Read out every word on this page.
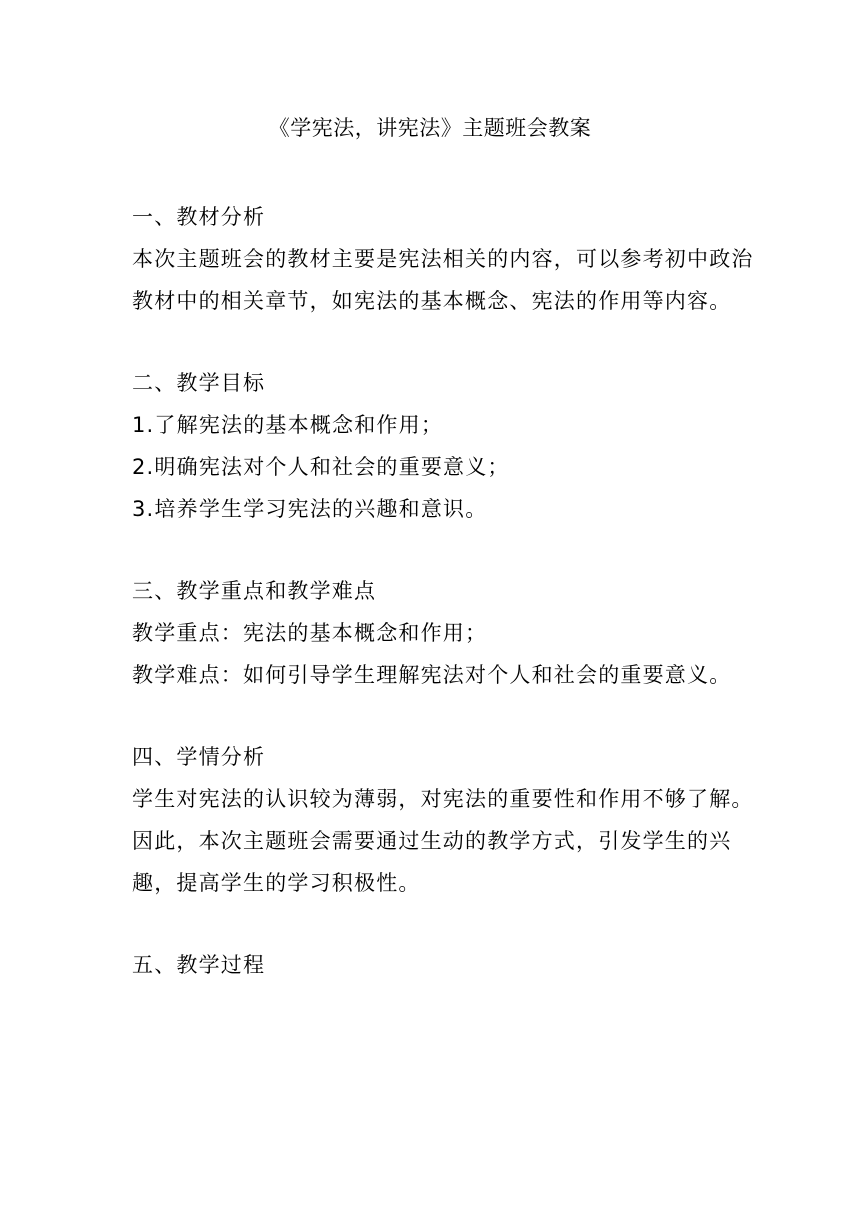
《学宪法，讲宪法》主题班会教案

一、教材分析

本次主题班会的教材主要是宪法相关的内容，可以参考初中政治教材中的相关章节，如宪法的基本概念、宪法的作用等内容。

二、教学目标

1.了解宪法的基本概念和作用；

2.明确宪法对个人和社会的重要意义；

3.培养学生学习宪法的兴趣和意识。

三、教学重点和教学难点

教学重点：宪法的基本概念和作用；

教学难点：如何引导学生理解宪法对个人和社会的重要意义。

四、学情分析

学生对宪法的认识较为薄弱，对宪法的重要性和作用不够了解。因此，本次主题班会需要通过生动的教学方式，引发学生的兴趣，提高学生的学习积极性。

五、教学过程
